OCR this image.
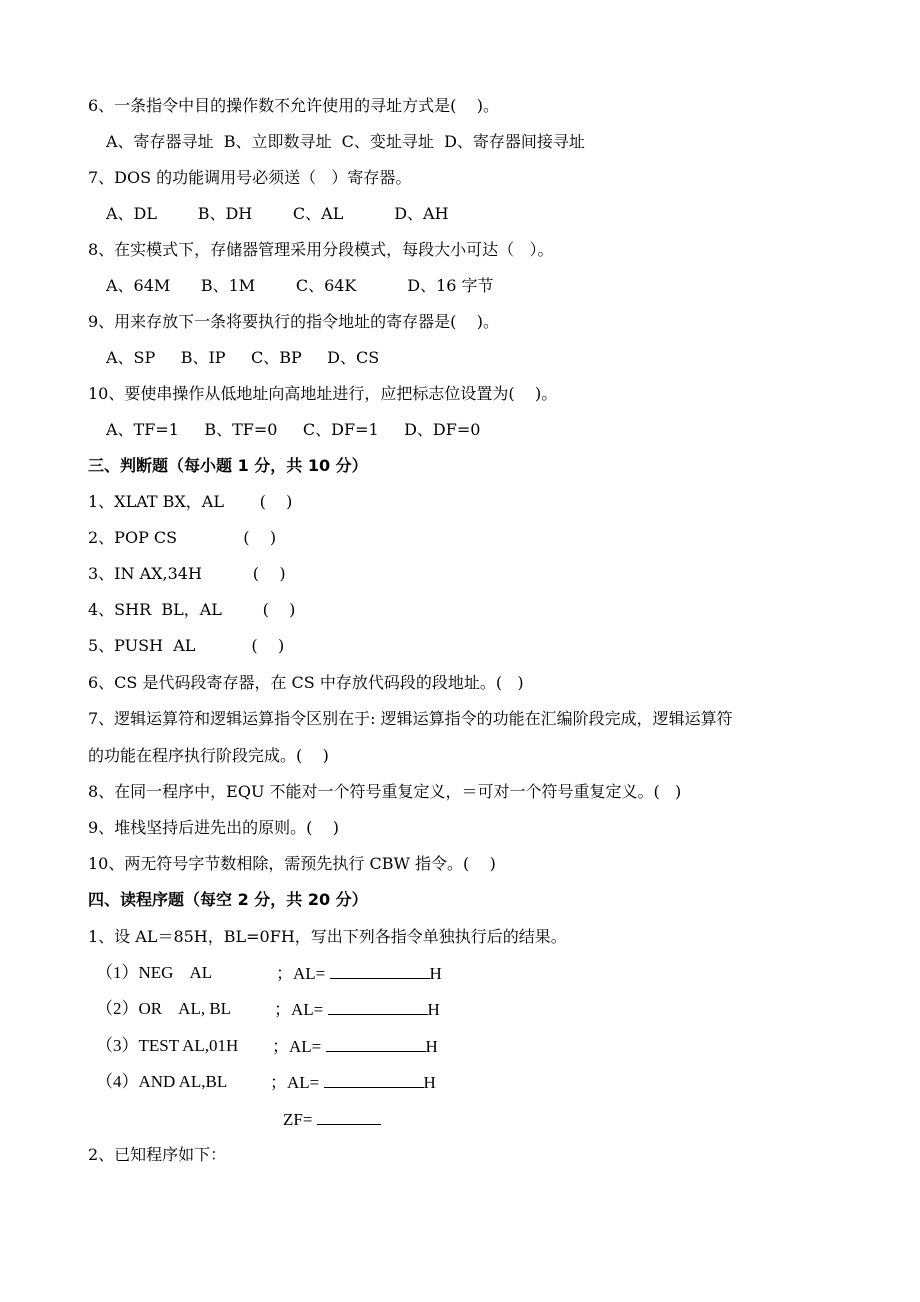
6、一条指令中目的操作数不允许使用的寻址方式是(    )。
A、寄存器寻址  B、立即数寻址  C、变址寻址  D、寄存器间接寻址
7、DOS 的功能调用号必须送（   ）寄存器。
A、DL        B、DH        C、AL          D、AH
8、在实模式下，存储器管理采用分段模式，每段大小可达（   ）。
A、64M      B、1M        C、64K          D、16 字节
9、用来存放下一条将要执行的指令地址的寄存器是(    )。
A、SP     B、IP     C、BP     D、CS
10、要使串操作从低地址向高地址进行，应把标志位设置为(    )。
A、TF=1     B、TF=0     C、DF=1     D、DF=0
三、判断题（每小题 1 分，共 10 分）
1、XLAT BX，AL       (    )
2、POP CS             (    )
3、IN AX,34H          (    )
4、SHR  BL，AL        (    )
5、PUSH  AL           (    )
6、CS 是代码段寄存器，在 CS 中存放代码段的段地址。(   )
7、逻辑运算符和逻辑运算指令区别在于: 逻辑运算指令的功能在汇编阶段完成，逻辑运算符
的功能在程序执行阶段完成。(    )
8、在同一程序中，EQU 不能对一个符号重复定义，＝可对一个符号重复定义。(   )
9、堆栈坚持后进先出的原则。(    )
10、两无符号字节数相除，需预先执行 CBW 指令。(    )
四、读程序题（每空 2 分，共 20 分）
1、设 AL＝85H，BL=0FH，写出下列各指令单独执行后的结果。
（1）NEG    AL	；AL=	H
（2）OR    AL, BL	；AL=	H
（3）TEST AL,01H ；AL=	H
（4）AND AL,BL	；AL=	H
ZF=
2、已知程序如下：
